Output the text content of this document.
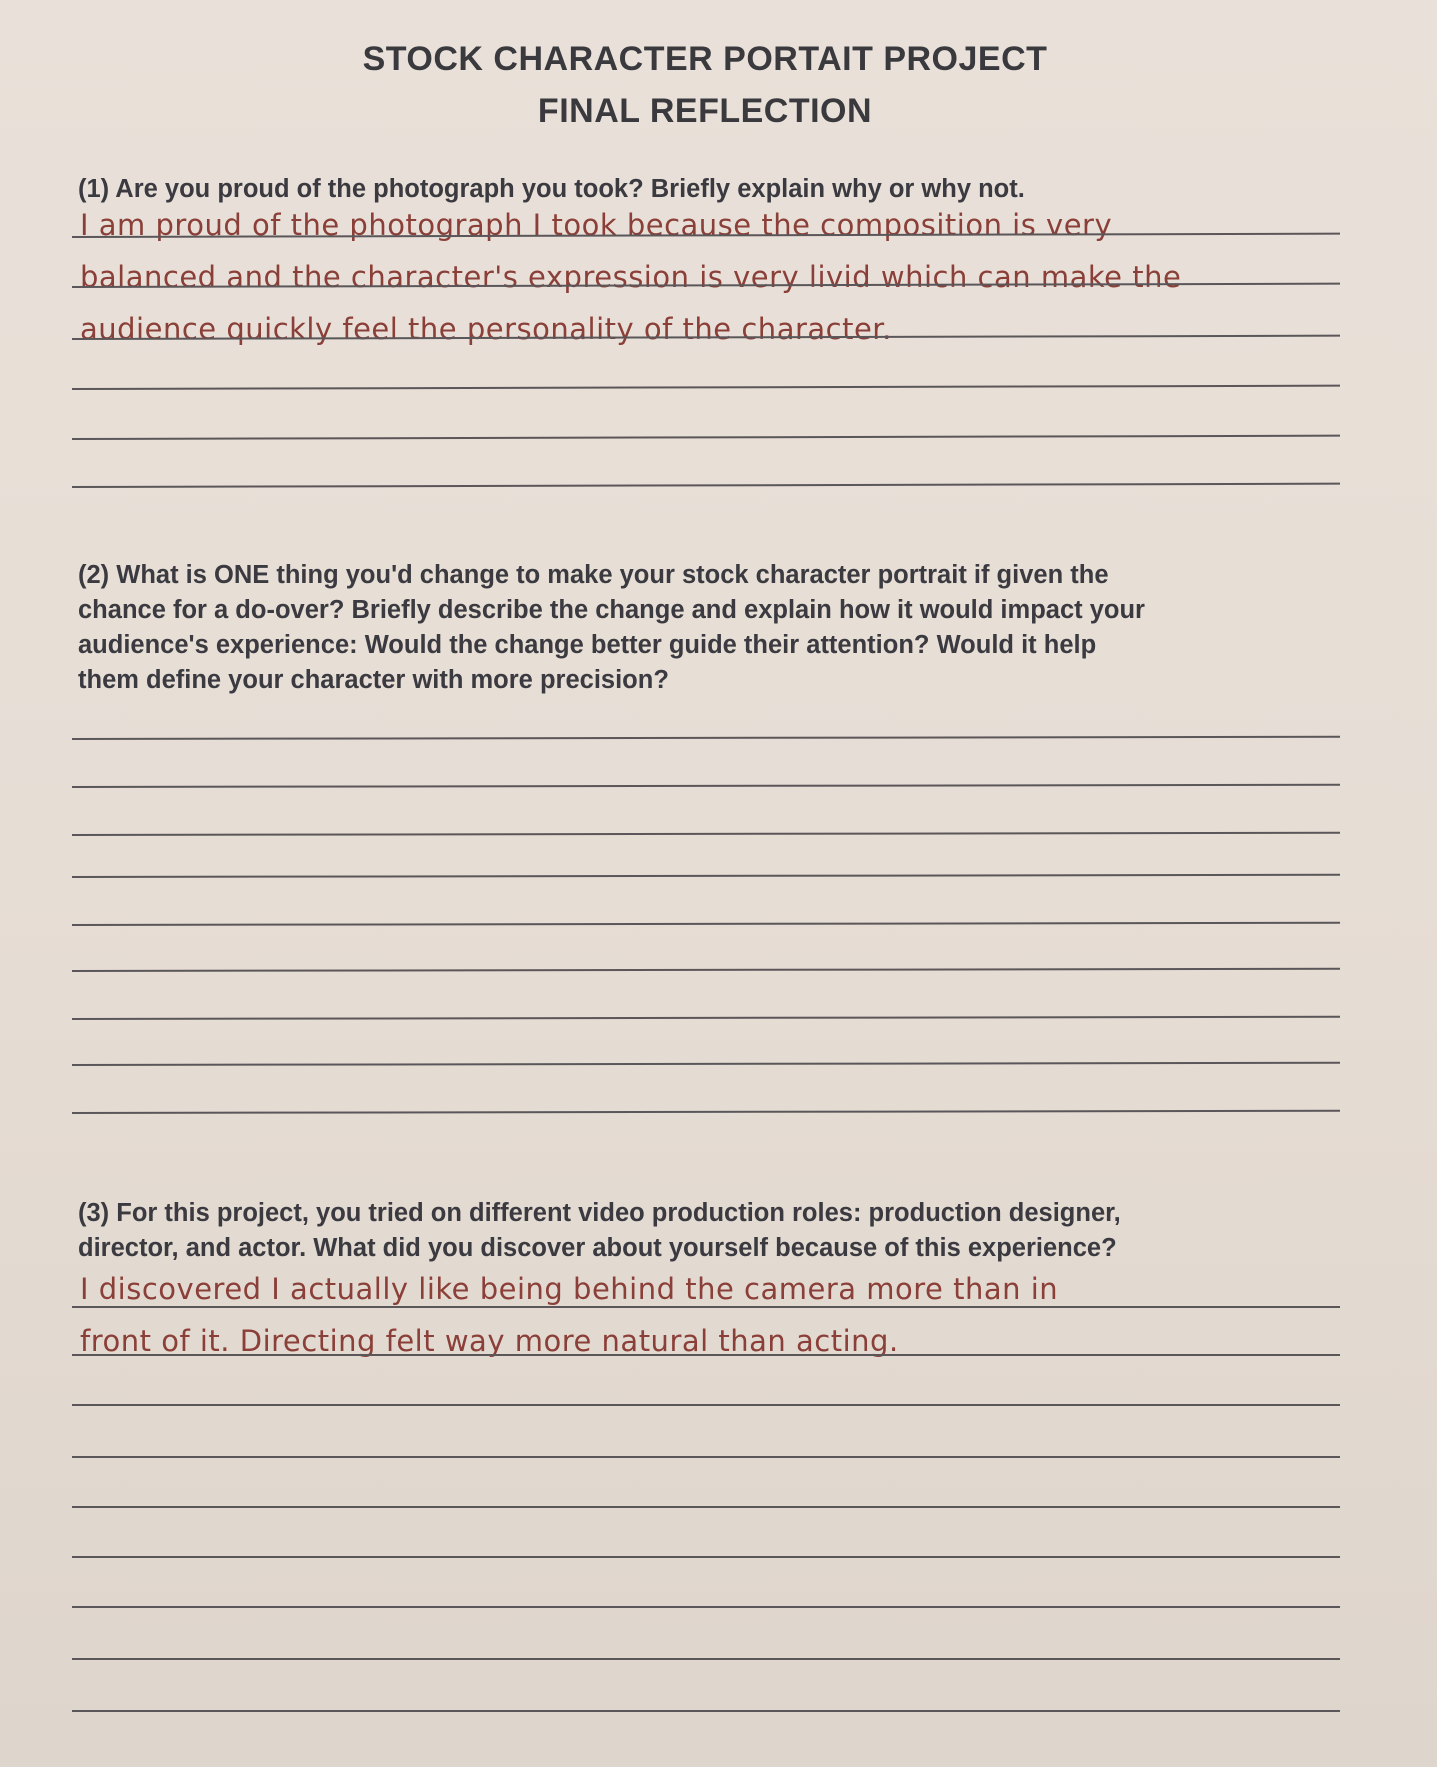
STOCK CHARACTER PORTAIT PROJECT
FINAL REFLECTION
(1) Are you proud of the photograph you took? Briefly explain why or why not.
I am proud of the photograph I took because the composition is very
balanced and the character's expression is very livid which can make the
audience quickly feel the personality of the character.
(2) What is ONE thing you'd change to make your stock character portrait if given the
chance for a do-over? Briefly describe the change and explain how it would impact your
audience's experience: Would the change better guide their attention? Would it help
them define your character with more precision?
(3) For this project, you tried on different video production roles: production designer,
director, and actor. What did you discover about yourself because of this experience?
I discovered I actually like being behind the camera more than in
front of it. Directing felt way more natural than acting.
